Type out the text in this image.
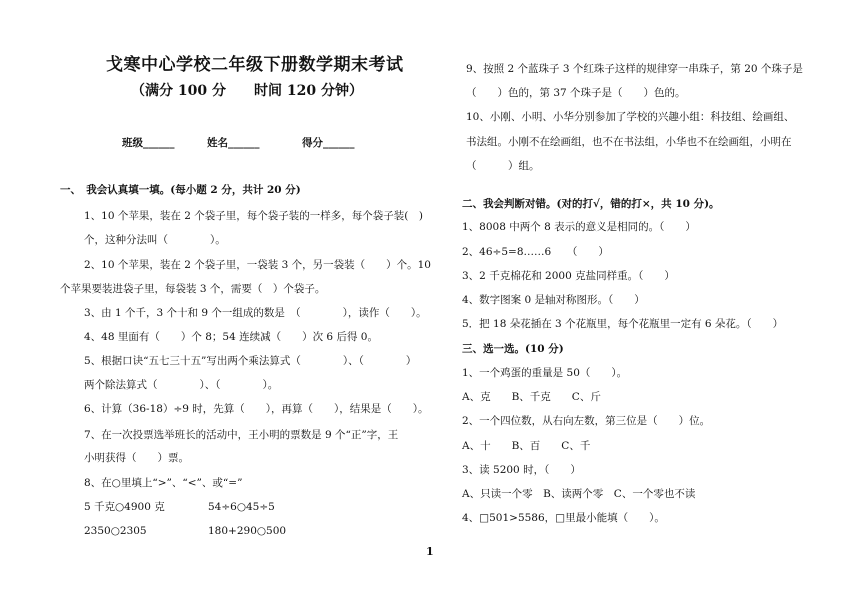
戈寒中心学校二年级下册数学期末考试
（满分 100 分　　时间 120 分钟）
班级______	姓名______	得分______
一、　我会认真填一填。(每小题 2 分，共计 20 分)
1、10 个苹果，装在 2 个袋子里，每个袋子装的一样多，每个袋子装(　)
个，这种分法叫（　　　　）。
2、10 个苹果，装在 2 个袋子里，一袋装 3 个，另一袋装（　　）个。10
个苹果要装进袋子里，每袋装 3 个，需要（　）个袋子。
3、由 1 个千，3 个十和 9 个一组成的数是　（　　　　），读作（　　）。
4、48 里面有（　　）个 8；54 连续减（　　）次 6 后得 0。
5、根据口诀“五七三十五”写出两个乘法算式（　　　　）、（　　　　）
两个除法算式（　　　　）、（　　　　）。
6、计算（36-18）÷9 时，先算（　　），再算（　　），结果是（　　）。
7、在一次投票选举班长的活动中，王小明的票数是 9 个“正”字，王
小明获得（　　）票。
8、在○里填上“>”、“<”、或“=”
5 千克○4900 克	54÷6○45÷5
2350○2305	180+290○500
9、按照 2 个蓝珠子 3 个红珠子这样的规律穿一串珠子，第 20 个珠子是
（　　）色的，第 37 个珠子是（　　）色的。
10、小刚、小明、小华分别参加了学校的兴趣小组：科技组、绘画组、
书法组。小刚不在绘画组，也不在书法组，小华也不在绘画组，小明在
（　　　）组。
二、我会判断对错。(对的打√，错的打×，共 10 分)。
1、8008 中两个 8 表示的意义是相同的。（　　）
2、46÷5=8……6　　（　　）
3、2 千克棉花和 2000 克盐同样重。（　　）
4、数字图案 0 是轴对称图形。（　　）
5．把 18 朵花插在 3 个花瓶里，每个花瓶里一定有 6 朵花。（　　）
三、选一选。(10 分)
1、一个鸡蛋的重量是 50（　　）。
A、克　　B、千克　　C、斤
2、一个四位数，从右向左数，第三位是（　　）位。
A、十　　B、百　　C、千
3、读 5200 时，（　　）
A、只读一个零　B、读两个零　C、一个零也不读
4、□501>5586，□里最小能填（　　）。
1
